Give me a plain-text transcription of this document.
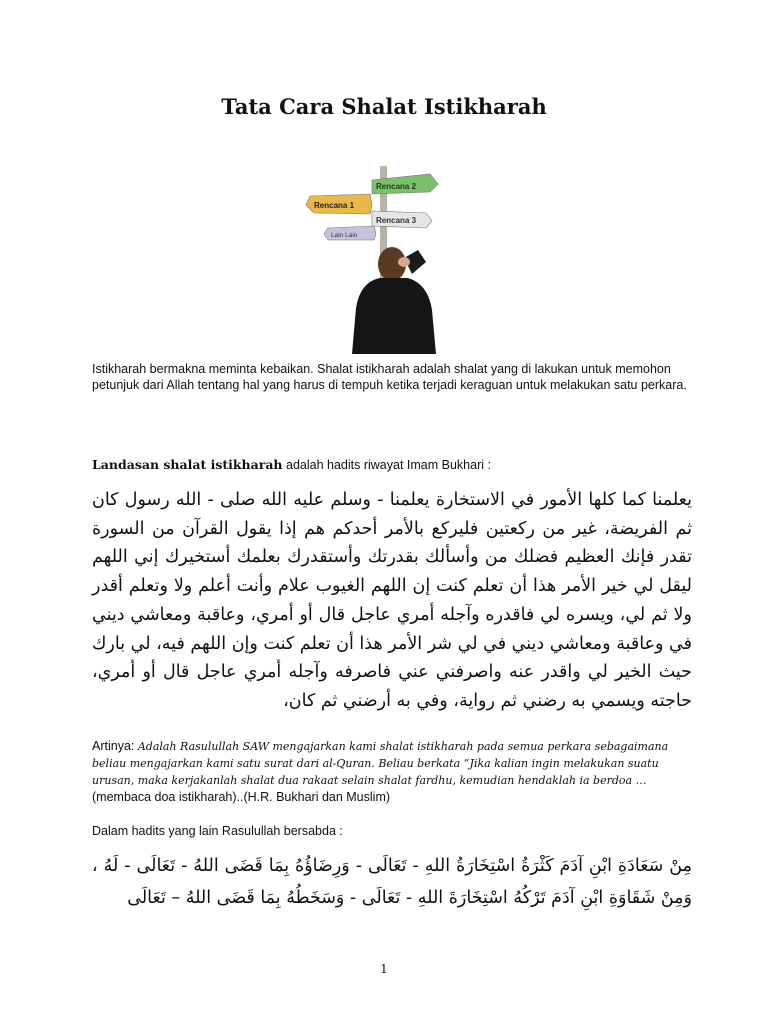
Tata Cara Shalat Istikharah
Rencana 2
Rencana 1
Rencana 3
Lain Lain

Istikharah bermakna meminta kebaikan. Shalat istikharah adalah shalat yang di lakukan untuk memohon petunjuk dari Allah tentang hal yang harus di tempuh ketika terjadi keraguan untuk melakukan satu perkara.

Landasan shalat istikharah adalah hadits riwayat Imam Bukhari :

يعلمنا كما كلها الأمور في الاستخارة يعلمنا - وسلم عليه الله صلى - الله رسول كان ثم الفريضة، غير من ركعتين فليركع بالأمر أحدكم هم إذا يقول القرآن من السورة تقدر فإنك العظيم فضلك من وأسألك بقدرتك وأستقدرك بعلمك أستخيرك إني اللهم ليقل لي خير الأمر هذا أن تعلم كنت إن اللهم الغيوب علام وأنت أعلم ولا وتعلم أقدر ولا ثم لي، ويسره لي فاقدره وآجله أمري عاجل قال أو أمري، وعاقبة ومعاشي ديني في وعاقبة ومعاشي ديني في لي شر الأمر هذا أن تعلم كنت وإن اللهم فيه، لي بارك حيث الخير لي واقدر عنه واصرفني عني فاصرفه وآجله أمري عاجل قال أو أمري، حاجته ويسمي به رضني ثم رواية، وفي به أرضني ثم كان،

Artinya: Adalah Rasulullah SAW mengajarkan kami shalat istikharah pada semua perkara sebagaimana beliau mengajarkan kami satu surat dari al-Quran. Beliau berkata “Jika kalian ingin melakukan suatu urusan, maka kerjakanlah shalat dua rakaat selain shalat fardhu, kemudian hendaklah ia berdoa …(membaca doa istikharah)..(H.R. Bukhari dan Muslim)

Dalam hadits yang lain Rasulullah bersabda :

مِنْ سَعَادَةِ ابْنِ آدَمَ كَثْرَةُ اسْتِخَارَةُ اللهِ - تَعَالَى - وَرِضَاؤُهُ بِمَا قَضَى اللهُ - تَعَالَى - لَهُ ، وَمِنْ شَقَاوَةِ ابْنِ آدَمَ تَرْكُهُ اسْتِخَارَةَ اللهِ - تَعَالَى - وَسَخَطُهُ بِمَا قَضَى اللهُ – تَعَالَى

1
